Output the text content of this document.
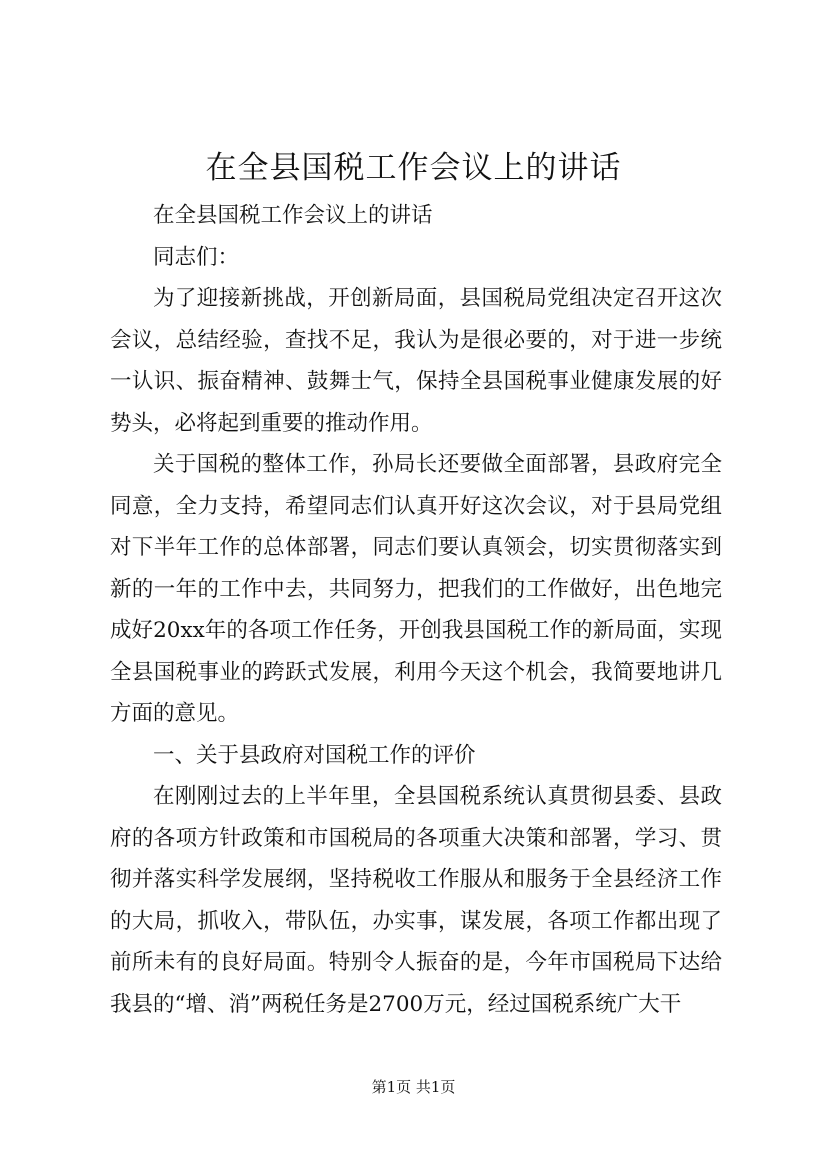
在全县国税工作会议上的讲话

在全县国税工作会议上的讲话

同志们：

为了迎接新挑战，开创新局面，县国税局党组决定召开这次会议，总结经验，查找不足，我认为是很必要的，对于进一步统一认识、振奋精神、鼓舞士气，保持全县国税事业健康发展的好势头，必将起到重要的推动作用。

关于国税的整体工作，孙局长还要做全面部署，县政府完全同意，全力支持，希望同志们认真开好这次会议，对于县局党组对下半年工作的总体部署，同志们要认真领会，切实贯彻落实到新的一年的工作中去，共同努力，把我们的工作做好，出色地完成好20xx年的各项工作任务，开创我县国税工作的新局面，实现全县国税事业的跨跃式发展，利用今天这个机会，我简要地讲几方面的意见。

一、关于县政府对国税工作的评价

在刚刚过去的上半年里，全县国税系统认真贯彻县委、县政府的各项方针政策和市国税局的各项重大决策和部署，学习、贯彻并落实科学发展纲，坚持税收工作服从和服务于全县经济工作的大局，抓收入，带队伍，办实事，谋发展，各项工作都出现了前所未有的良好局面。特别令人振奋的是，今年市国税局下达给我县的“增、消”两税任务是2700万元，经过国税系统广大干

第1页 共1页
